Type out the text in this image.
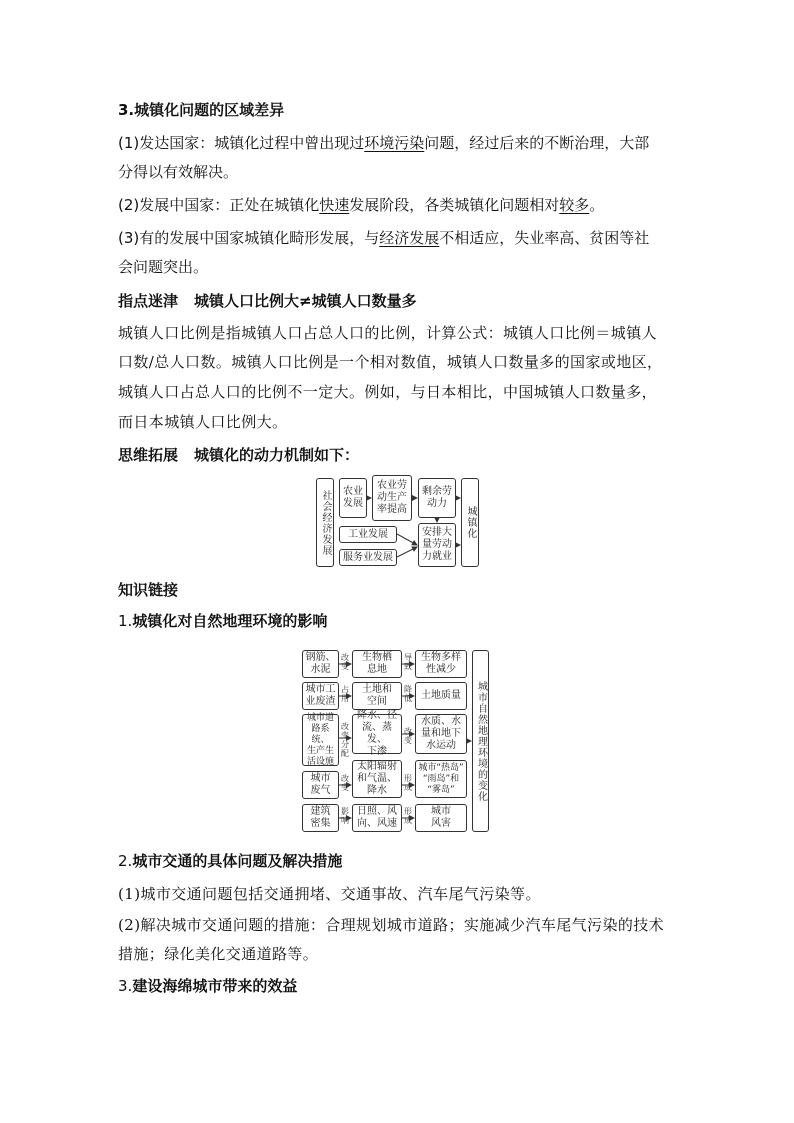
3.城镇化问题的区域差异
(1)发达国家：城镇化过程中曾出现过环境污染问题，经过后来的不断治理，大部
分得以有效解决。
(2)发展中国家：正处在城镇化快速发展阶段，各类城镇化问题相对较多。
(3)有的发展中国家城镇化畸形发展，与经济发展不相适应，失业率高、贫困等社
会问题突出。
指点迷津 城镇人口比例大≠城镇人口数量多
城镇人口比例是指城镇人口占总人口的比例，计算公式：城镇人口比例＝城镇人
口数/总人口数。城镇人口比例是一个相对数值，城镇人口数量多的国家或地区，
城镇人口占总人口的比例不一定大。例如，与日本相比，中国城镇人口数量多，
而日本城镇人口比例大。
思维拓展 城镇化的动力机制如下：
社会经济发展	农业
发展
农业劳
动生产
率提高
剩余劳
动力
工业发展
服务业发展
安排大
量劳动
力就业
城镇化
知识链接
1.城镇化对自然地理环境的影响
钢筋、
水泥
改
变
生物栖
息地
导
致
生物多样
性减少
城市工
业废渣
占
用
土地和
空间
降
低 土地质量
城市道
路系统、
生产生
活设施
改
变
分
配
降水、径
流、蒸发、
下渗
改
变
水质、水
量和地下
水运动
城市
废气
改
变
太阳辐射
和气温、
降水
形
成
城市“热岛”
“雨岛”和
“雾岛”
建筑
密集
影
响
日照、风
向、风速
形
成
城市
风害
城市自然地理环境的变化
2.城市交通的具体问题及解决措施
(1)城市交通问题包括交通拥堵、交通事故、汽车尾气污染等。
(2)解决城市交通问题的措施：合理规划城市道路；实施减少汽车尾气污染的技术
措施；绿化美化交通道路等。
3.建设海绵城市带来的效益
